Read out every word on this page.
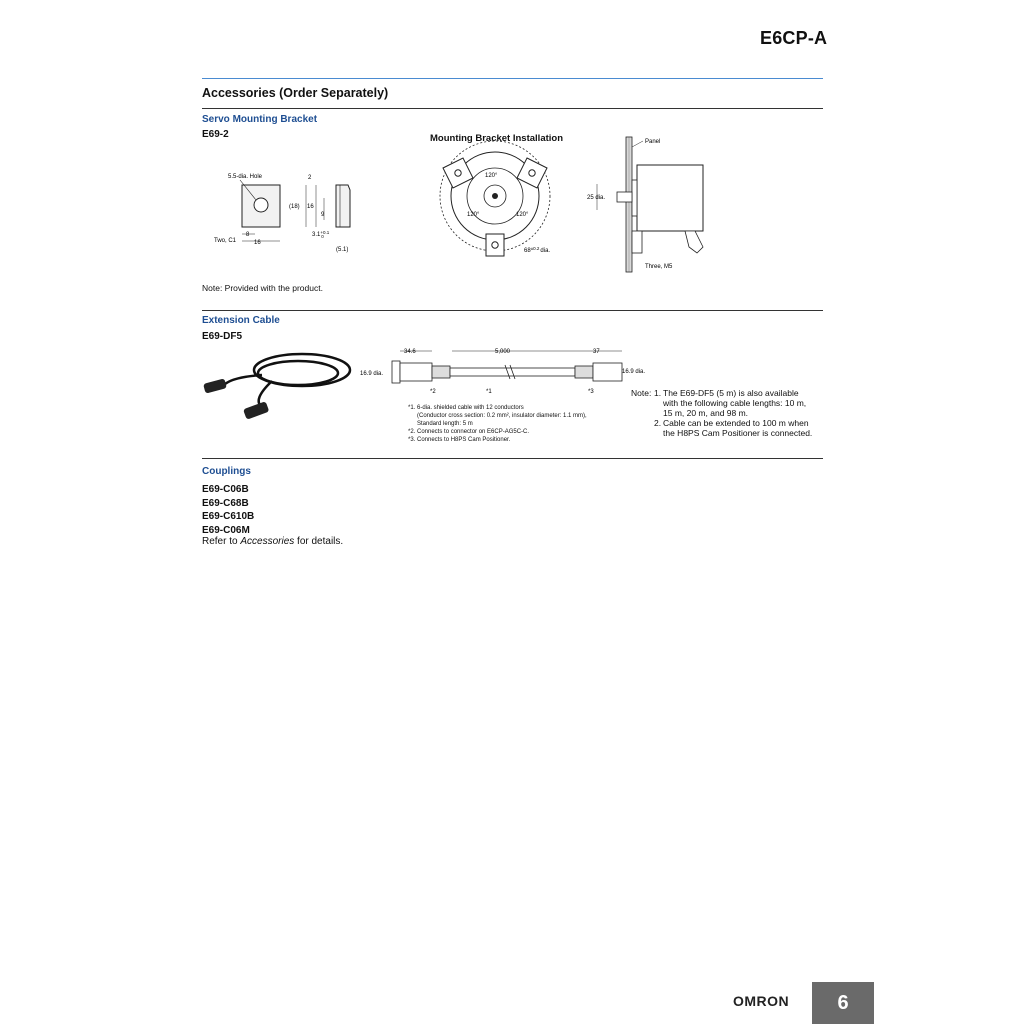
E6CP-A
Accessories (Order Separately)
Servo Mounting Bracket
E69-2
5.5-dia. Hole
8
16
Two, C1
2
(18) 16
9
$3.1^{+0.1}$ 0
(5.1)
Mounting Bracket Installation
120°
120°	120°
$68^{\pm 0.2}dia$.
Panel
25 dia.
Three, M5
Note: Provided with the product.
Extension Cable
E69-DF5
34.6	5,000	37
16.9 dia.	16.9 dia.
*2	*1	*3
*1. 6-dia. shielded cable with 12 conductors
(Conductor cross section: 0.2 mm², insulator diameter: 1.1 mm),
Standard length: 5 m
*2. Connects to connector on E6CP-AG5C-C.
*3. Connects to H8PS Cam Positioner.
Note: 1. The E69-DF5 (5 m) is also available with the following cable lengths: 10 m, 15 m, 20 m, and 98 m.
2. Cable can be extended to 100 m when the H8PS Cam Positioner is connected.
Couplings
E69-C06B
E69-C68B
E69-C610B
E69-C06M
Refer to Accessories for details.
OMRON	6
